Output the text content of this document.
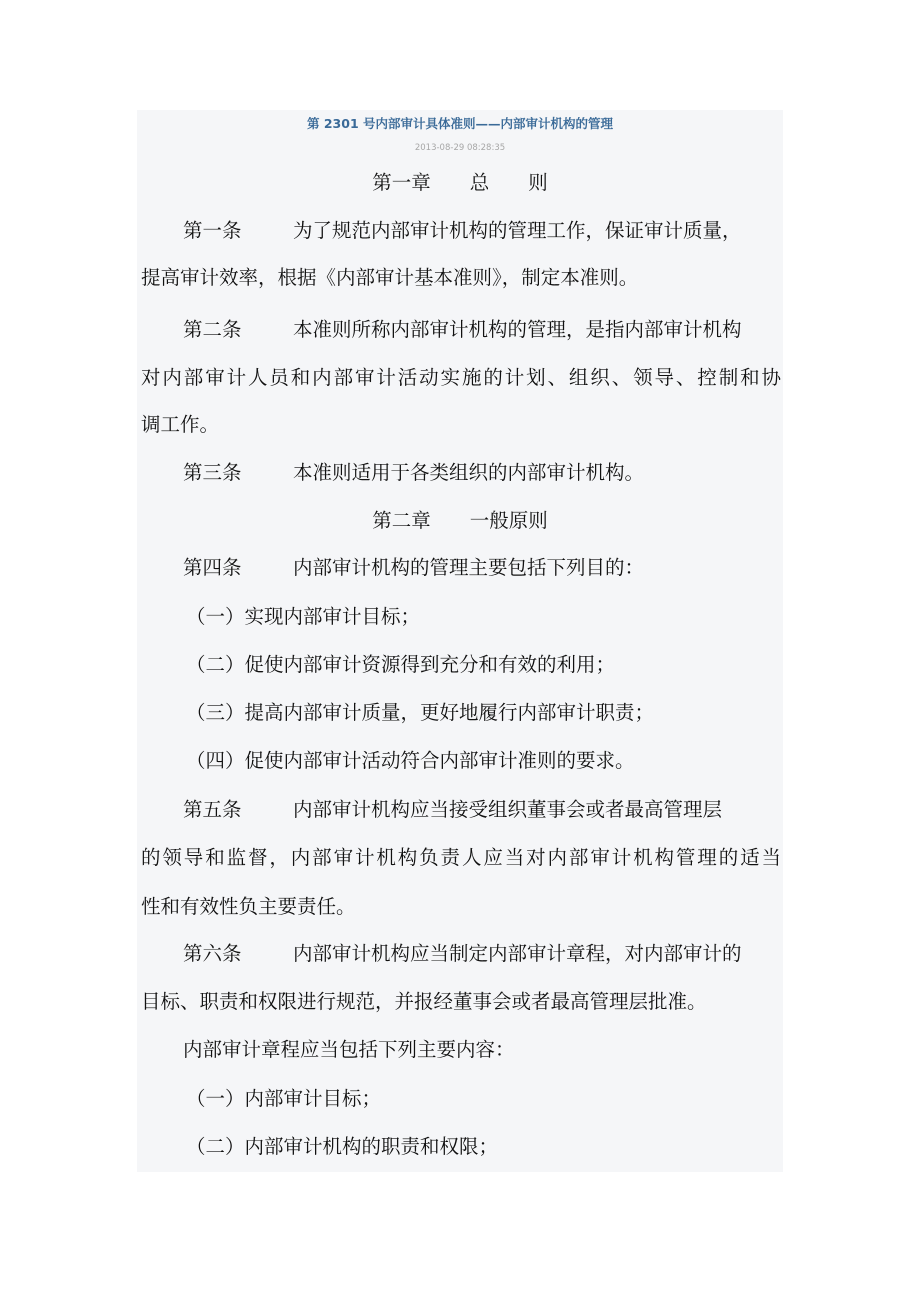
第 2301 号内部审计具体准则——内部审计机构的管理
2013-08-29 08:28:35
第一章　　总　　则
第一条	为了规范内部审计机构的管理工作，保证审计质量，
提高审计效率，根据《内部审计基本准则》，制定本准则。
第二条	本准则所称内部审计机构的管理，是指内部审计机构
对内部审计人员和内部审计活动实施的计划、组织、领导、控制和协
调工作。
第三条	本准则适用于各类组织的内部审计机构。
第二章　　一般原则
第四条	内部审计机构的管理主要包括下列目的：
（一）实现内部审计目标；
（二）促使内部审计资源得到充分和有效的利用；
（三）提高内部审计质量，更好地履行内部审计职责；
（四）促使内部审计活动符合内部审计准则的要求。
第五条	内部审计机构应当接受组织董事会或者最高管理层
的领导和监督，内部审计机构负责人应当对内部审计机构管理的适当
性和有效性负主要责任。
第六条	内部审计机构应当制定内部审计章程，对内部审计的
目标、职责和权限进行规范，并报经董事会或者最高管理层批准。
内部审计章程应当包括下列主要内容：
（一）内部审计目标；
（二）内部审计机构的职责和权限；
